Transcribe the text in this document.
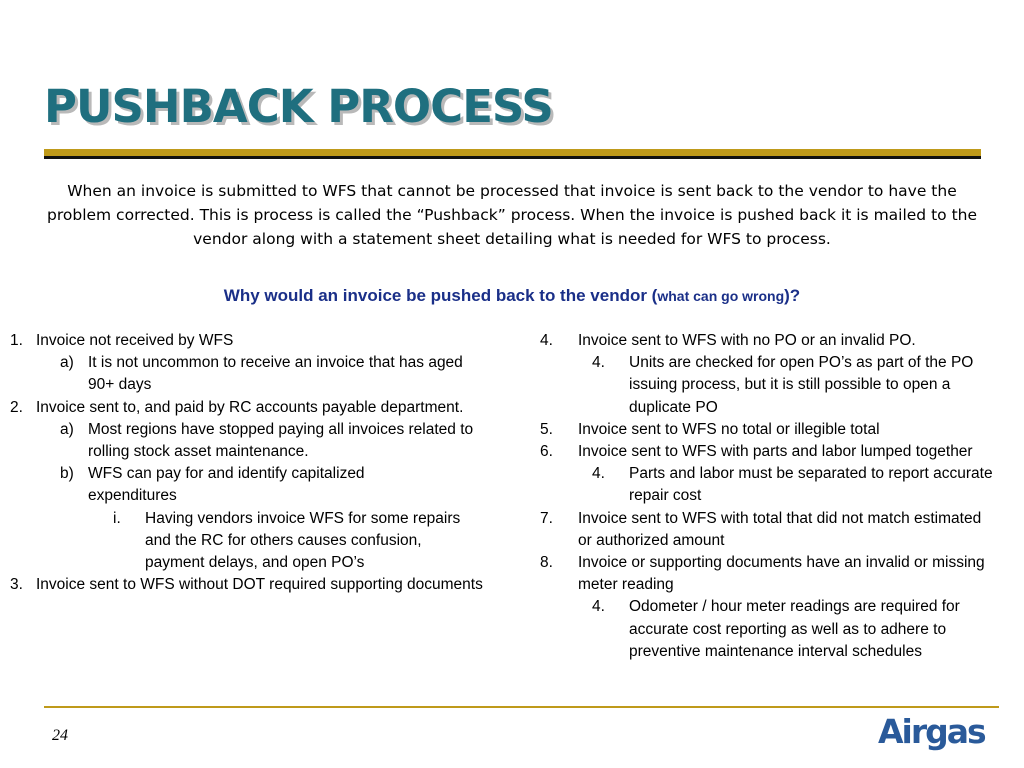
PUSHBACK PROCESS

When an invoice is submitted to WFS that cannot be processed that invoice is sent back to the vendor to have the problem corrected. This is process is called the “Pushback” process. When the invoice is pushed back it is mailed to the vendor along with a statement sheet detailing what is needed for WFS to process.

Why would an invoice be pushed back to the vendor (what can go wrong)?
1. Invoice not received by WFS
a) It is not uncommon to receive an invoice that has aged 90+ days
2. Invoice sent to, and paid by RC accounts payable department.
a) Most regions have stopped paying all invoices related to rolling stock asset maintenance.
b) WFS can pay for and identify capitalized expenditures
i. Having vendors invoice WFS for some repairs and the RC for others causes confusion, payment delays, and open PO’s
3. Invoice sent to WFS without DOT required supporting documents
4. Invoice sent to WFS with no PO or an invalid PO.
4. Units are checked for open PO’s as part of the PO issuing process, but it is still possible to open a duplicate PO
5. Invoice sent to WFS no total or illegible total
6. Invoice sent to WFS with parts and labor lumped together
4. Parts and labor must be separated to report accurate repair cost
7. Invoice sent to WFS with total that did not match estimated or authorized amount
8. Invoice or supporting documents have an invalid or missing meter reading
4. Odometer / hour meter readings are required for accurate cost reporting as well as to adhere to preventive maintenance interval schedules
24	Airgas
